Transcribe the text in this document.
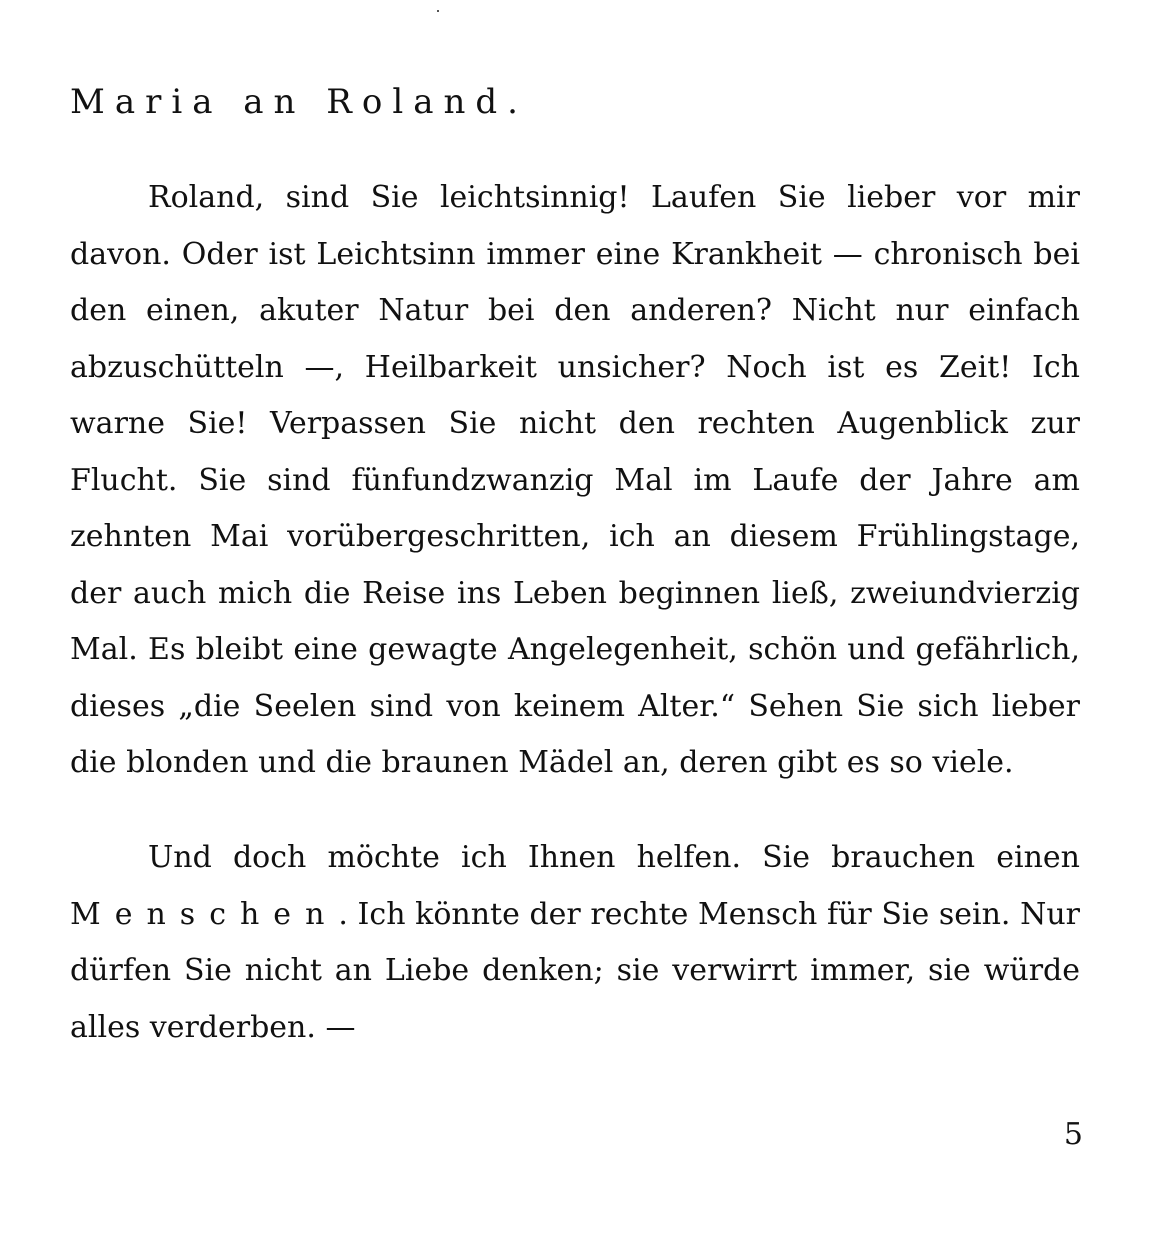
Maria an Roland.

Roland, sind Sie leichtsinnig! Laufen Sie lieber vor mir davon. Oder ist Leichtsinn immer eine Krankheit — chronisch bei den einen, akuter Natur bei den anderen? Nicht nur einfach abzuschütteln —, Heilbarkeit unsicher? Noch ist es Zeit! Ich warne Sie! Verpassen Sie nicht den rechten Augenblick zur Flucht. Sie sind fünfundzwanzig Mal im Laufe der Jahre am zehnten Mai vorübergeschritten, ich an diesem Frühlingstage, der auch mich die Reise ins Leben beginnen ließ, zweiundvierzig Mal. Es bleibt eine gewagte Angelegenheit, schön und gefährlich, dieses „die Seelen sind von keinem Alter.“ Sehen Sie sich lieber die blonden und die braunen Mädel an, deren gibt es so viele.

Und doch möchte ich Ihnen helfen. Sie brauchen einen Menschen. Ich könnte der rechte Mensch für Sie sein. Nur dürfen Sie nicht an Liebe denken; sie verwirrt immer, sie würde alles verderben. —

5
